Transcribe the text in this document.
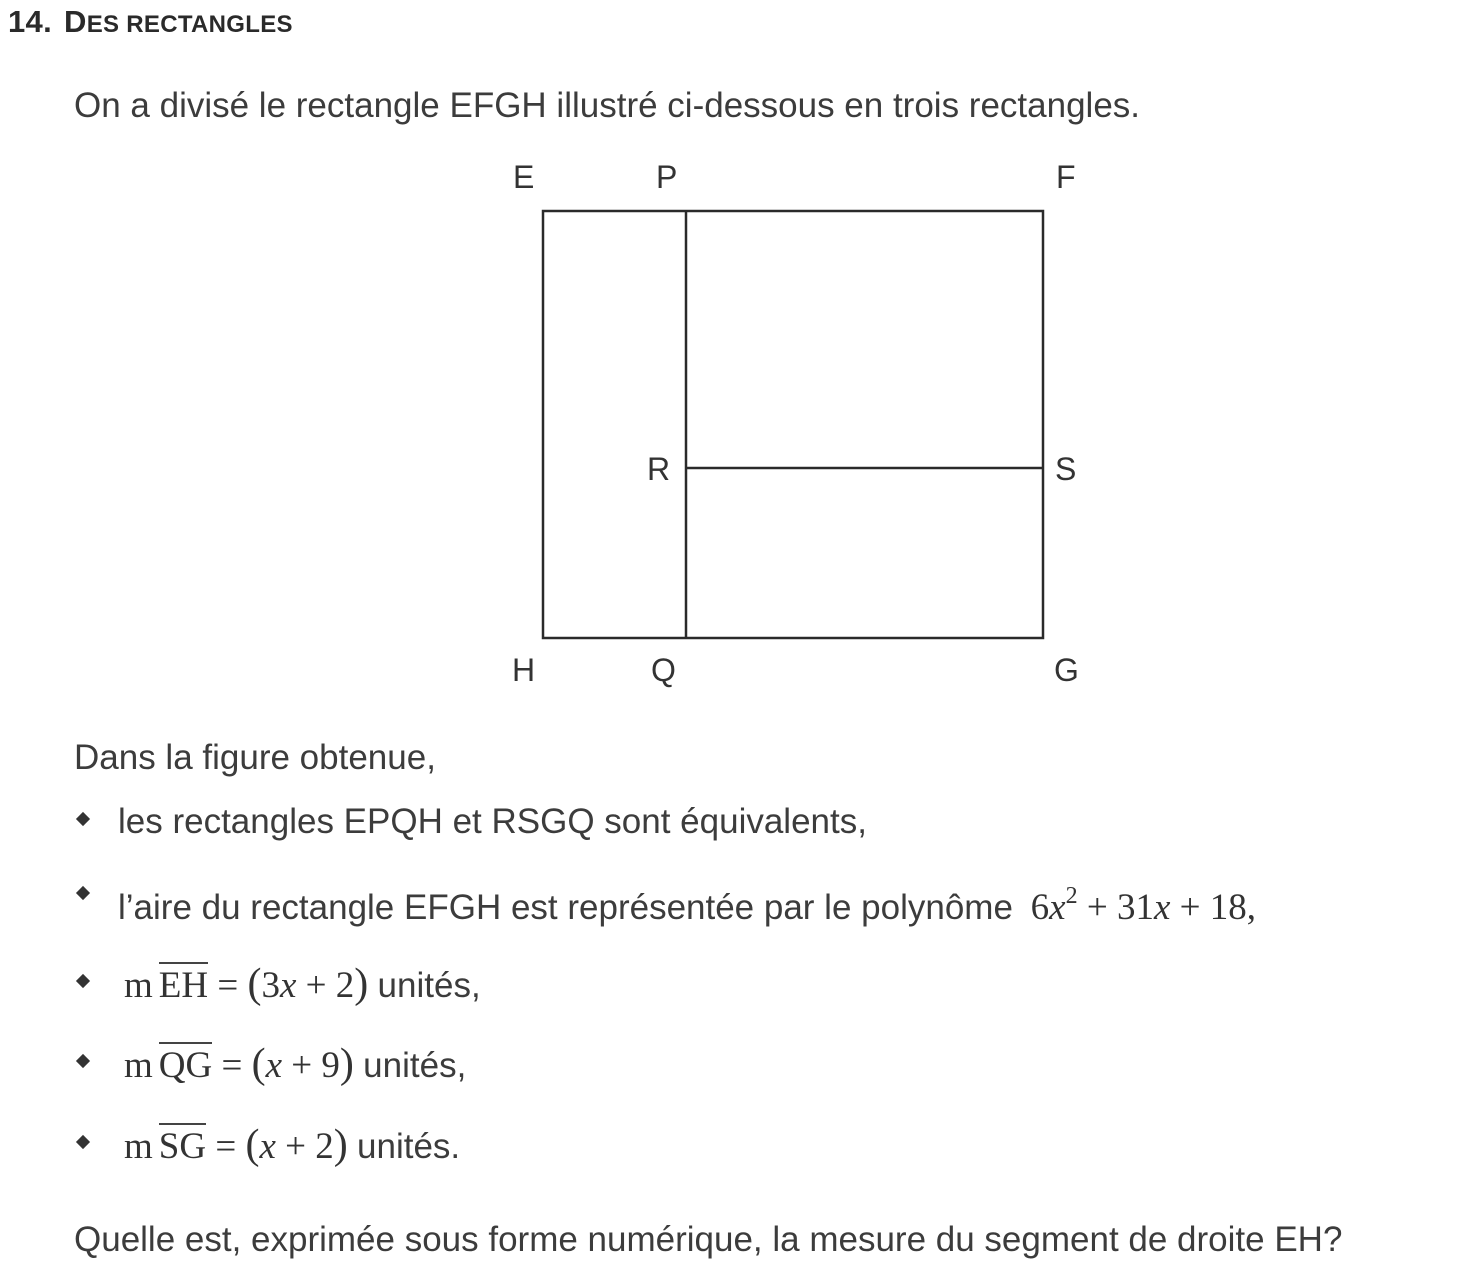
14. DES RECTANGLES
On a divisé le rectangle EFGH illustré ci-dessous en trois rectangles.
E	P	F
R	S
H	Q	G
Dans la figure obtenue,
les rectangles EPQH et RSGQ sont équivalents,
l’aire du rectangle EFGH est représentée par le polynôme $6x^2 + 31x + 18$,
m EH = (3x + 2) unités,
m QG = (x + 9) unités,
m SG = (x + 2) unités.
Quelle est, exprimée sous forme numérique, la mesure du segment de droite EH?
